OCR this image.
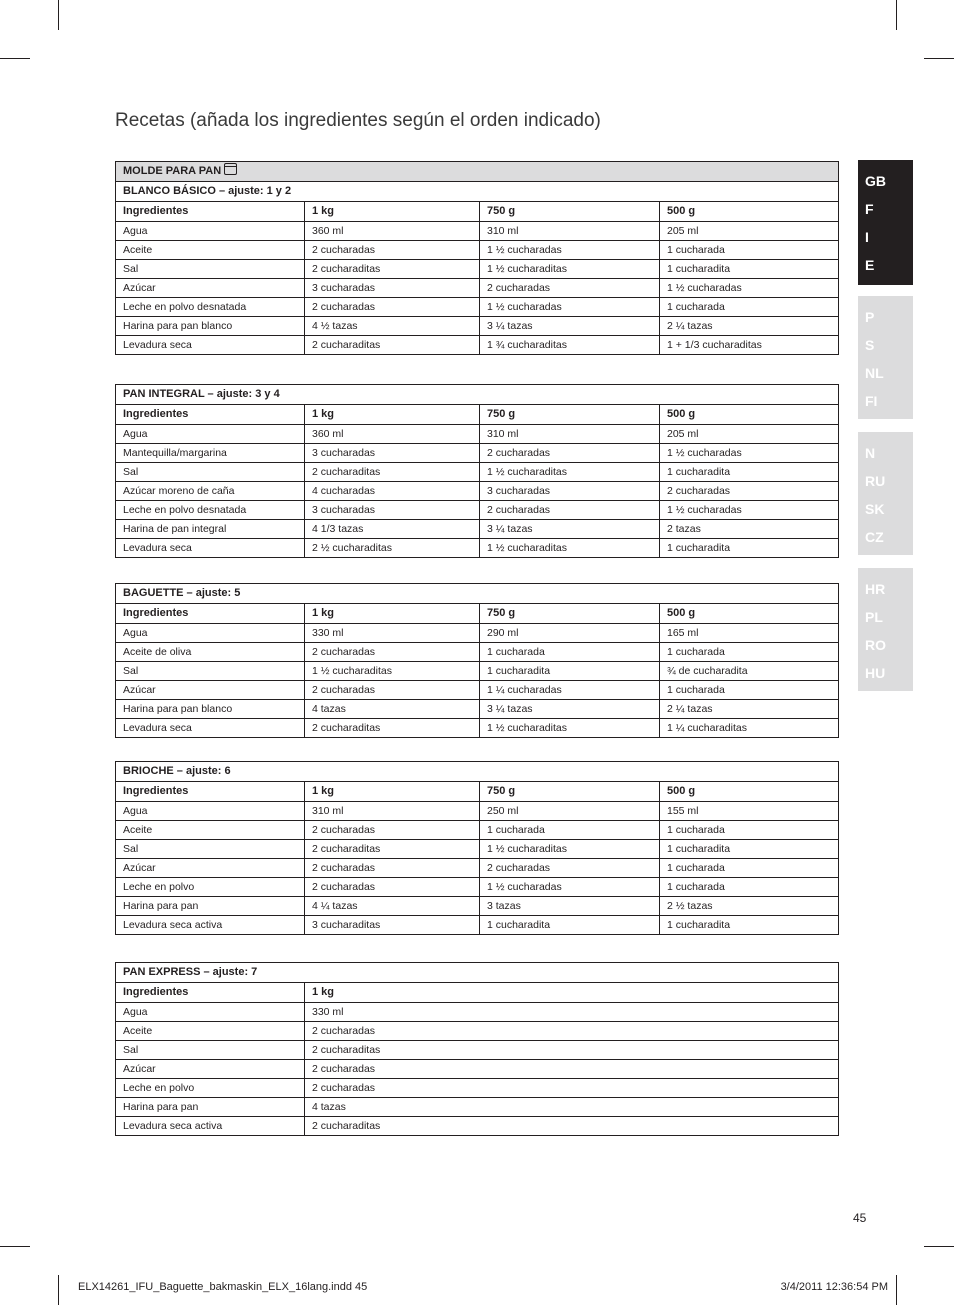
Recetas (añada los ingredientes según el orden indicado)
MOLDE PARA PAN			
BLANCO BÁSICO – ajuste: 1 y 2			
Ingredientes	1 kg	750 g	500 g
Agua	360 ml	310 ml	205 ml
Aceite	2 cucharadas	1 ½ cucharadas	1 cucharada
Sal	2 cucharaditas	1 ½ cucharaditas	1 cucharadita
Azúcar	3 cucharadas	2 cucharadas	1 ½ cucharadas
Leche en polvo desnatada	2 cucharadas	1 ½ cucharadas	1 cucharada
Harina para pan blanco	4 ½ tazas	3 ¼ tazas	2 ¼ tazas
Levadura seca	2 cucharaditas	1 ¾ cucharaditas	1 + 1/3 cucharaditas
PAN INTEGRAL – ajuste: 3 y 4			
Ingredientes	1 kg	750 g	500 g
Agua	360 ml	310 ml	205 ml
Mantequilla/margarina	3 cucharadas	2 cucharadas	1 ½ cucharadas
Sal	2 cucharaditas	1 ½ cucharaditas	1 cucharadita
Azúcar moreno de caña	4 cucharadas	3 cucharadas	2 cucharadas
Leche en polvo desnatada	3 cucharadas	2 cucharadas	1 ½ cucharadas
Harina de pan integral	4 1/3 tazas	3 ¼ tazas	2 tazas
Levadura seca	2 ½ cucharaditas	1 ½ cucharaditas	1 cucharadita
BAGUETTE – ajuste: 5			
Ingredientes	1 kg	750 g	500 g
Agua	330 ml	290 ml	165 ml
Aceite de oliva	2 cucharadas	1 cucharada	1 cucharada
Sal	1 ½ cucharaditas	1 cucharadita	¾ de cucharadita
Azúcar	2 cucharadas	1 ¼ cucharadas	1 cucharada
Harina para pan blanco	4 tazas	3 ¼ tazas	2 ¼ tazas
Levadura seca	2 cucharaditas	1 ½ cucharaditas	1 ¼ cucharaditas
BRIOCHE – ajuste: 6			
Ingredientes	1 kg	750 g	500 g
Agua	310 ml	250 ml	155 ml
Aceite	2 cucharadas	1 cucharada	1 cucharada
Sal	2 cucharaditas	1 ½ cucharaditas	1 cucharadita
Azúcar	2 cucharadas	2 cucharadas	1 cucharada
Leche en polvo	2 cucharadas	1 ½ cucharadas	1 cucharada
Harina para pan	4 ¼ tazas	3 tazas	2 ½ tazas
Levadura seca activa	3 cucharaditas	1 cucharadita	1 cucharadita
PAN EXPRESS – ajuste: 7	
Ingredientes	1 kg
Agua	330 ml
Aceite	2 cucharadas
Sal	2 cucharaditas
Azúcar	2 cucharadas
Leche en polvo	2 cucharadas
Harina para pan	4 tazas
Levadura seca activa	2 cucharaditas
GB
F
I
E
P
S
NL
FI
N
RU
SK
CZ
HR
PL
RO
HU
45
ELX14261_IFU_Baguette_bakmaskin_ELX_16lang.indd 45	3/4/2011 12:36:54 PM
